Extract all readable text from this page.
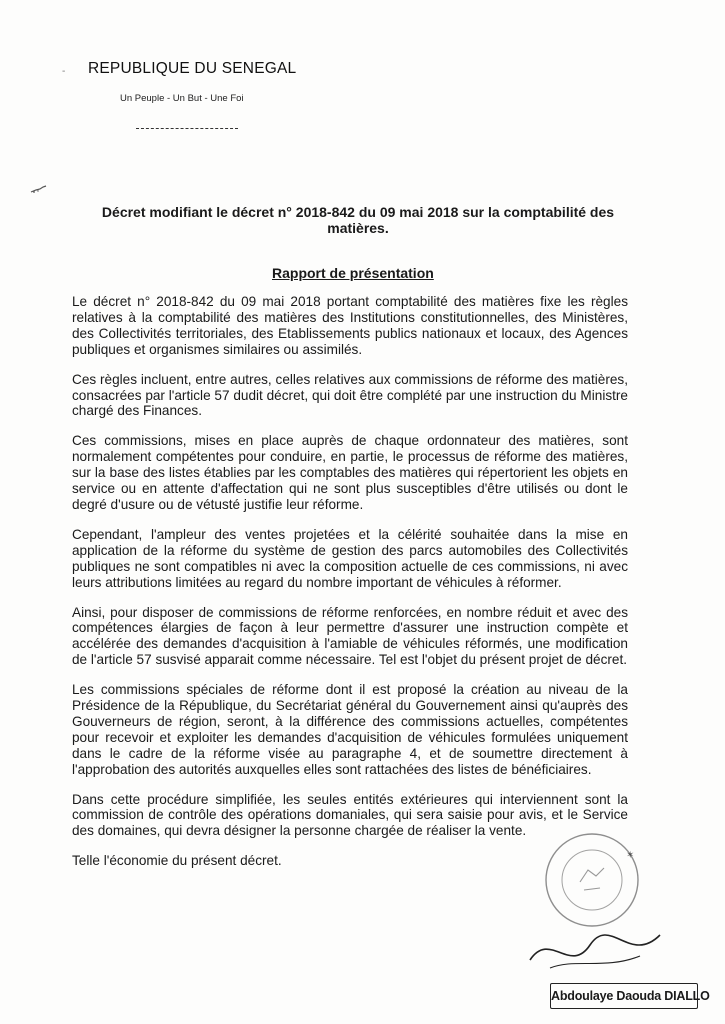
- REPUBLIQUE DU SENEGAL
Un Peuple - Un But - Une Foi
Décret modifiant le décret n° 2018-842 du 09 mai 2018 sur la comptabilité des matières.
Rapport de présentation

Le décret n° 2018-842 du 09 mai 2018 portant comptabilité des matières fixe les règles relatives à la comptabilité des matières des Institutions constitutionnelles, des Ministères, des Collectivités territoriales, des Etablissements publics nationaux et locaux, des Agences publiques et organismes similaires ou assimilés.

Ces règles incluent, entre autres, celles relatives aux commissions de réforme des matières, consacrées par l'article 57 dudit décret, qui doit être complété par une instruction du Ministre chargé des Finances.

Ces commissions, mises en place auprès de chaque ordonnateur des matières, sont normalement compétentes pour conduire, en partie, le processus de réforme des matières, sur la base des listes établies par les comptables des matières qui répertorient les objets en service ou en attente d'affectation qui ne sont plus susceptibles d'être utilisés ou dont le degré d'usure ou de vétusté justifie leur réforme.

Cependant, l'ampleur des ventes projetées et la célérité souhaitée dans la mise en application de la réforme du système de gestion des parcs automobiles des Collectivités publiques ne sont compatibles ni avec la composition actuelle de ces commissions, ni avec leurs attributions limitées au regard du nombre important de véhicules à réformer.

Ainsi, pour disposer de commissions de réforme renforcées, en nombre réduit et avec des compétences élargies de façon à leur permettre d'assurer une instruction compète et accélérée des demandes d'acquisition à l'amiable de véhicules réformés, une modification de l'article 57 susvisé apparait comme nécessaire. Tel est l'objet du présent projet de décret.

Les commissions spéciales de réforme dont il est proposé la création au niveau de la Présidence de la République, du Secrétariat général du Gouvernement ainsi qu'auprès des Gouverneurs de région, seront, à la différence des commissions actuelles, compétentes pour recevoir et exploiter les demandes d'acquisition de véhicules formulées uniquement dans le cadre de la réforme visée au paragraphe 4, et de soumettre directement à l'approbation des autorités auxquelles elles sont rattachées des listes de bénéficiaires.

Dans cette procédure simplifiée, les seules entités extérieures qui interviennent sont la commission de contrôle des opérations domaniales, qui sera saisie pour avis, et le Service des domaines, qui devra désigner la personne chargée de réaliser la vente.

Telle l'économie du présent décret.	✶
Abdoulaye Daouda DIALLO
